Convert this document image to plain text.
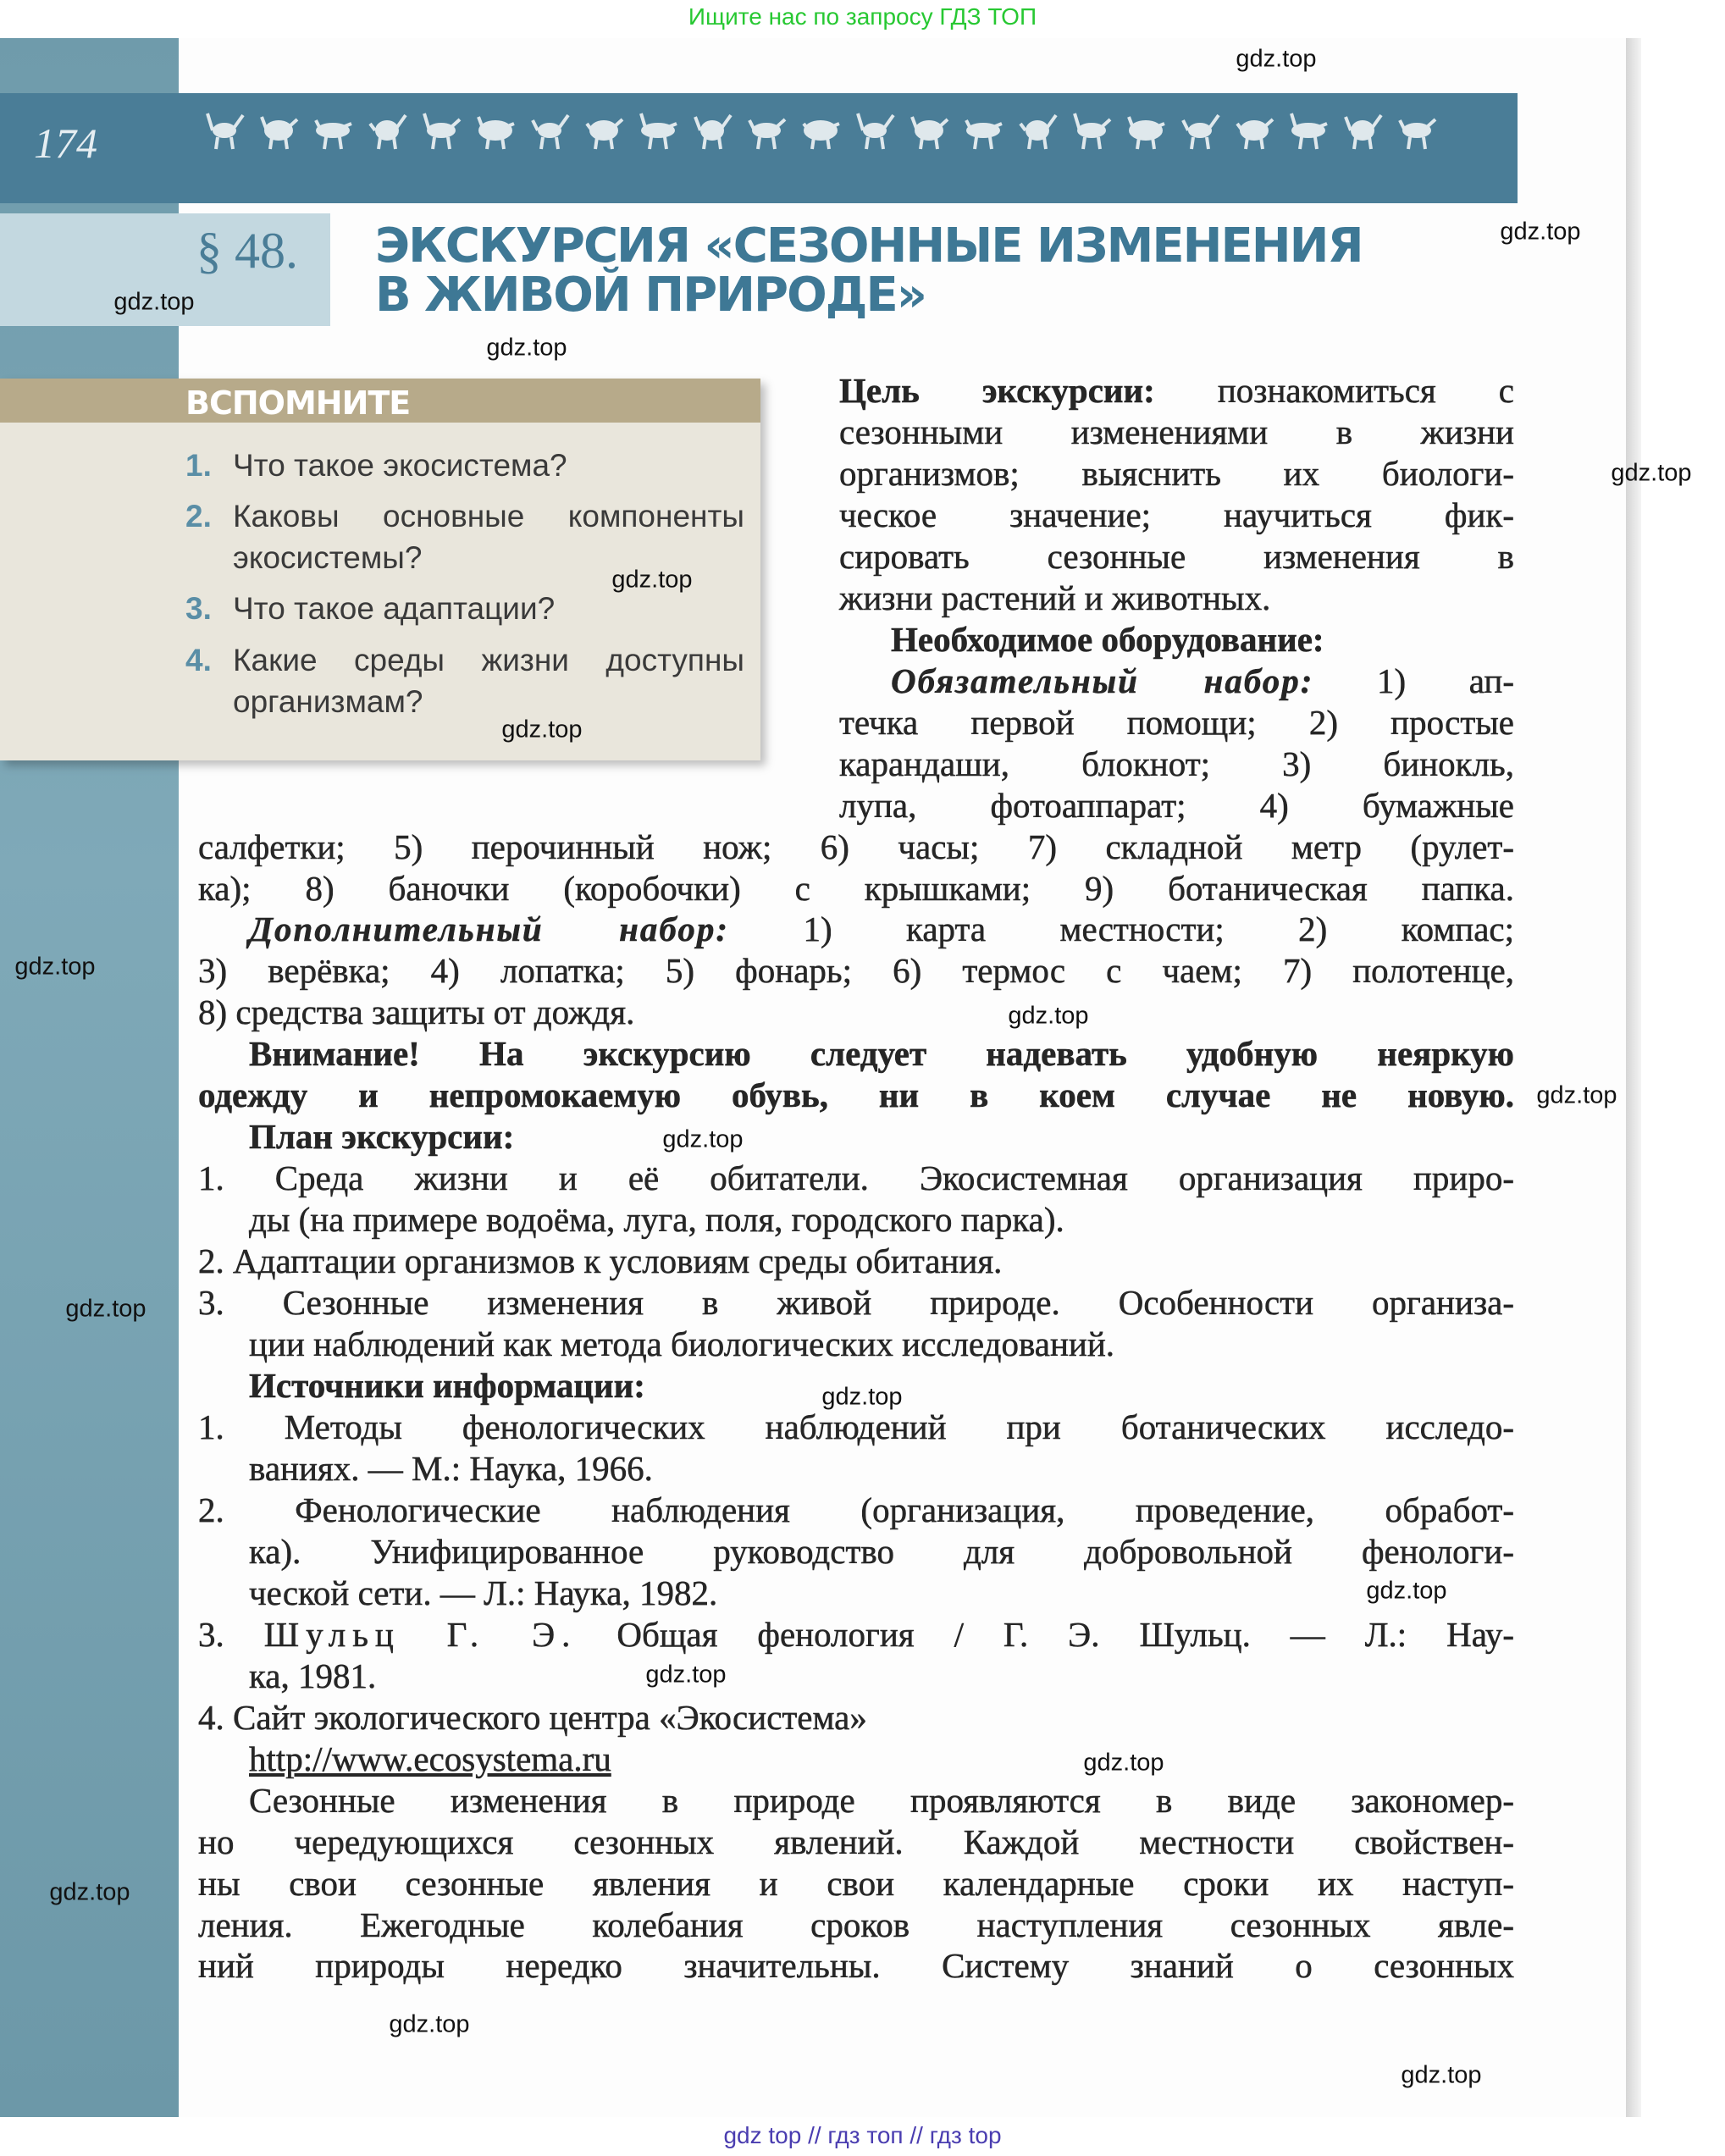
Ищите нас по запросу ГДЗ ТОП
174
§ 48. ЭКСКУРСИЯ «СЕЗОННЫЕ ИЗМЕНЕНИЯ
В ЖИВОЙ ПРИРОДЕ»
ВСПОМНИТЕ
1. Что такое экосистема?
2. Каковы основные компоненты экосистемы?
3. Что такое адаптации?
4. Какие среды жизни доступны организмам?
Цель экскурсии: познакомиться с
сезонными изменениями в жизни
организмов; выяснить их биологи-
ческое значение; научиться фик-
сировать сезонные изменения в
жизни растений и животных.
Необходимое оборудование:
Обязательный набор: 1) ап-
течка первой помощи; 2) простые
карандаши, блокнот; 3) бинокль,
лупа, фотоаппарат; 4) бумажные
салфетки; 5) перочинный нож; 6) часы; 7) складной метр (рулет-
ка); 8) баночки (коробочки) с крышками; 9) ботаническая папка.
Дополнительный набор: 1) карта местности; 2) компас;
3) верёвка; 4) лопатка; 5) фонарь; 6) термос с чаем; 7) полотенце,
8) средства защиты от дождя.
Внимание! На экскурсию следует надевать удобную неяркую
одежду и непромокаемую обувь, ни в коем случае не новую.
План экскурсии:
1. Среда жизни и её обитатели. Экосистемная организация приро-
ды (на примере водоёма, луга, поля, городского парка).
2. Адаптации организмов к условиям среды обитания.
3. Сезонные изменения в живой природе. Особенности организа-
ции наблюдений как метода биологических исследований.
Источники информации:
1. Методы фенологических наблюдений при ботанических исследо-
ваниях. — М.: Наука, 1966.
2. Фенологические наблюдения (организация, проведение, обработ-
ка). Унифицированное руководство для добровольной фенологи-
ческой сети. — Л.: Наука, 1982.
3. Шульц Г. Э. Общая фенология / Г. Э. Шульц. — Л.: Нау-
ка, 1981.
4. Сайт экологического центра «Экосистема»
http://www.ecosystema.ru
Сезонные изменения в природе проявляются в виде закономер-
но чередующихся сезонных явлений. Каждой местности свойствен-
ны свои сезонные явления и свои календарные сроки их наступ-
ления. Ежегодные колебания сроков наступления сезонных явле-
ний природы нередко значительны. Систему знаний о сезонных
gdz.top
gdz.top
gdz.top
gdz.top
gdz.top
gdz.top
gdz.top
gdz.top
gdz.top
gdz.top
gdz.top
gdz.top
gdz.top
gdz.top
gdz.top
gdz.top
gdz.top
gdz.top
gdz.top
gdz top // гдз топ // гдз top
